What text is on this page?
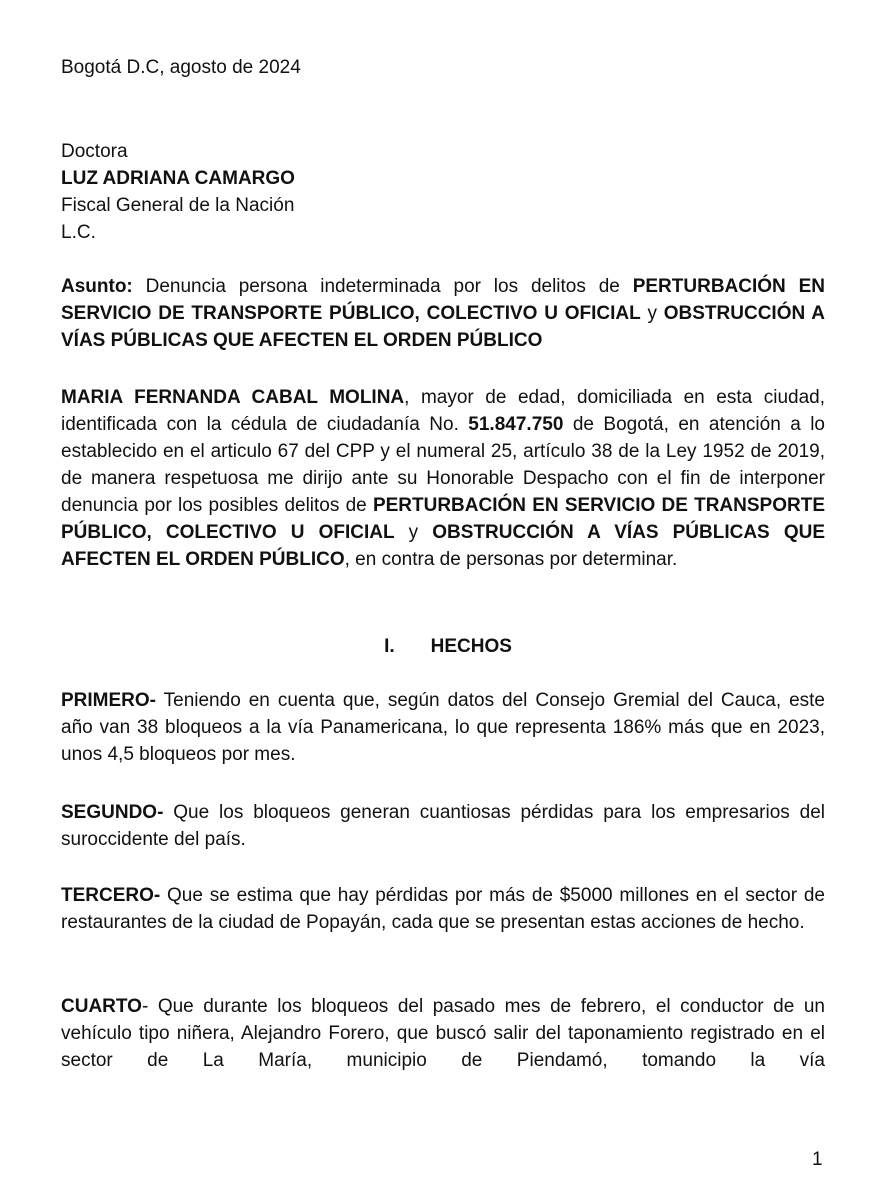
Bogotá D.C, agosto de 2024
Doctora
LUZ ADRIANA CAMARGO
Fiscal General de la Nación
L.C.
Asunto: Denuncia persona indeterminada por los delitos de PERTURBACIÓN EN SERVICIO DE TRANSPORTE PÚBLICO, COLECTIVO U OFICIAL y OBSTRUCCIÓN A VÍAS PÚBLICAS QUE AFECTEN EL ORDEN PÚBLICO
MARIA FERNANDA CABAL MOLINA, mayor de edad, domiciliada en esta ciudad, identificada con la cédula de ciudadanía No. 51.847.750 de Bogotá, en atención a lo establecido en el articulo 67 del CPP y el numeral 25, artículo 38 de la Ley 1952 de 2019, de manera respetuosa me dirijo ante su Honorable Despacho con el fin de interponer denuncia por los posibles delitos de PERTURBACIÓN EN SERVICIO DE TRANSPORTE PÚBLICO, COLECTIVO U OFICIAL y OBSTRUCCIÓN A VÍAS PÚBLICAS QUE AFECTEN EL ORDEN PÚBLICO, en contra de personas por determinar.
I. HECHOS
PRIMERO- Teniendo en cuenta que, según datos del Consejo Gremial del Cauca, este año van 38 bloqueos a la vía Panamericana, lo que representa 186% más que en 2023, unos 4,5 bloqueos por mes.
SEGUNDO- Que los bloqueos generan cuantiosas pérdidas para los empresarios del suroccidente del país.
TERCERO- Que se estima que hay pérdidas por más de $5000 millones en el sector de restaurantes de la ciudad de Popayán, cada que se presentan estas acciones de hecho.
CUARTO- Que durante los bloqueos del pasado mes de febrero, el conductor de un vehículo tipo niñera, Alejandro Forero, que buscó salir del taponamiento registrado en el sector de La María, municipio de Piendamó, tomando la vía
1
